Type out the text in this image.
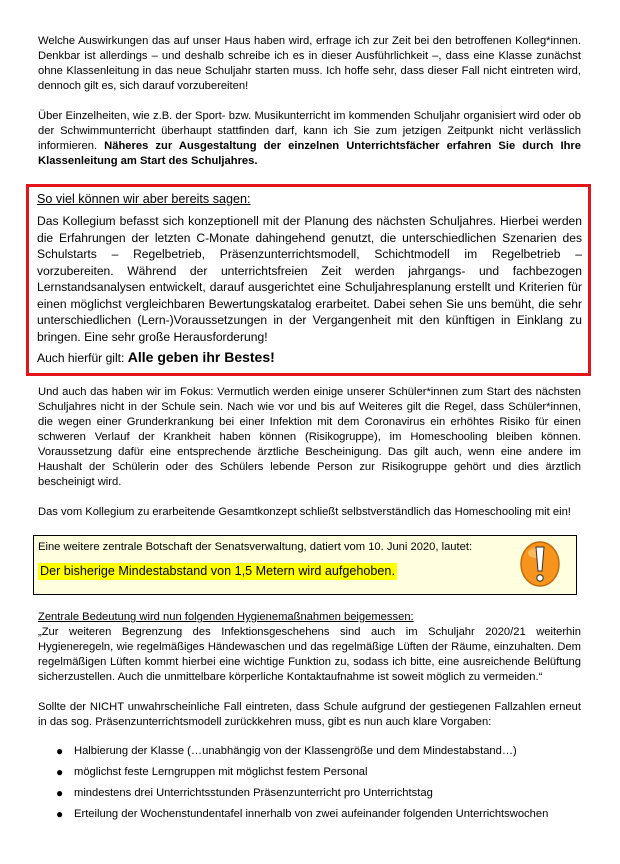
Welche Auswirkungen das auf unser Haus haben wird, erfrage ich zur Zeit bei den betroffenen Kolleg*innen. Denkbar ist allerdings – und deshalb schreibe ich es in dieser Ausführlichkeit –, dass eine Klasse zunächst ohne Klassenleitung in das neue Schuljahr starten muss. Ich hoffe sehr, dass dieser Fall nicht eintreten wird, dennoch gilt es, sich darauf vorzubereiten!

Über Einzelheiten, wie z.B. der Sport- bzw. Musikunterricht im kommenden Schuljahr organisiert wird oder ob der Schwimmunterricht überhaupt stattfinden darf, kann ich Sie zum jetzigen Zeitpunkt nicht verlässlich informieren. Näheres zur Ausgestaltung der einzelnen Unterrichtsfächer erfahren Sie durch Ihre Klassenleitung am Start des Schuljahres.

So viel können wir aber bereits sagen:

Das Kollegium befasst sich konzeptionell mit der Planung des nächsten Schuljahres. Hierbei werden die Erfahrungen der letzten C-Monate dahingehend genutzt, die unterschiedlichen Szenarien des Schulstarts – Regelbetrieb, Präsenzunterrichtsmodell, Schichtmodell im Regelbetrieb – vorzubereiten. Während der unterrichtsfreien Zeit werden jahrgangs- und fachbezogen Lernstandsanalysen entwickelt, darauf ausgerichtet eine Schuljahresplanung erstellt und Kriterien für einen möglichst vergleichbaren Bewertungskatalog erarbeitet. Dabei sehen Sie uns bemüht, die sehr unterschiedlichen (Lern-)Voraussetzungen in der Vergangenheit mit den künftigen in Einklang zu bringen. Eine sehr große Herausforderung!

Auch hierfür gilt: Alle geben ihr Bestes!

Und auch das haben wir im Fokus: Vermutlich werden einige unserer Schüler*innen zum Start des nächsten Schuljahres nicht in der Schule sein. Nach wie vor und bis auf Weiteres gilt die Regel, dass Schüler*innen, die wegen einer Grunderkrankung bei einer Infektion mit dem Coronavirus ein erhöhtes Risiko für einen schweren Verlauf der Krankheit haben können (Risikogruppe), im Homeschooling bleiben können. Voraussetzung dafür eine entsprechende ärztliche Bescheinigung. Das gilt auch, wenn eine andere im Haushalt der Schülerin oder des Schülers lebende Person zur Risikogruppe gehört und dies ärztlich bescheinigt wird.

Das vom Kollegium zu erarbeitende Gesamtkonzept schließt selbstverständlich das Homeschooling mit ein!

Eine weitere zentrale Botschaft der Senatsverwaltung, datiert vom 10. Juni 2020, lautet:

Der bisherige Mindestabstand von 1,5 Metern wird aufgehoben.

Zentrale Bedeutung wird nun folgenden Hygienemaßnahmen beigemessen:

„Zur weiteren Begrenzung des Infektionsgeschehens sind auch im Schuljahr 2020/21 weiterhin Hygieneregeln, wie regelmäßiges Händewaschen und das regelmäßige Lüften der Räume, einzuhalten. Dem regelmäßigen Lüften kommt hierbei eine wichtige Funktion zu, sodass ich bitte, eine ausreichende Belüftung sicherzustellen. Auch die unmittelbare körperliche Kontaktaufnahme ist soweit möglich zu vermeiden.“

Sollte der NICHT unwahrscheinliche Fall eintreten, dass Schule aufgrund der gestiegenen Fallzahlen erneut in das sog. Präsenzunterrichtsmodell zurückkehren muss, gibt es nun auch klare Vorgaben:

● Halbierung der Klasse (…unabhängig von der Klassengröße und dem Mindestabstand…)
● möglichst feste Lerngruppen mit möglichst festem Personal
● mindestens drei Unterrichtsstunden Präsenzunterricht pro Unterrichtstag
● Erteilung der Wochenstundentafel innerhalb von zwei aufeinander folgenden Unterrichtswochen
